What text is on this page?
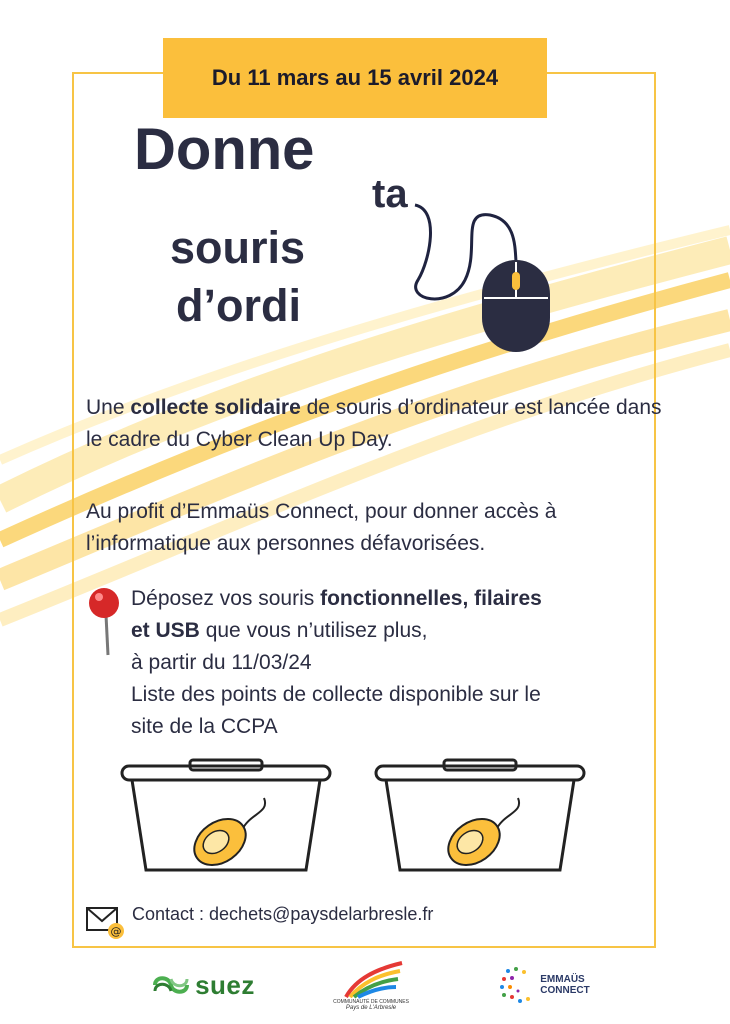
Du 11 mars au 15 avril 2024
Donne
ta
souris
d’ordi
Une collecte solidaire de souris d’ordinateur est lancée dans le cadre du Cyber Clean Up Day.
Au profit d’Emmaüs Connect, pour donner accès à l’informatique aux personnes défavorisées.
Déposez vos souris fonctionnelles, filaires
et USB que vous n’utilisez plus,
à partir du 11/03/24
Liste des points de collecte disponible sur le
site de la CCPA
@
Contact : dechets@paysdelarbresle.fr
suez
COMMUNAUTÉ DE COMMUNES
Pays de L'Arbresle
EMMAÜS
CONNECT
